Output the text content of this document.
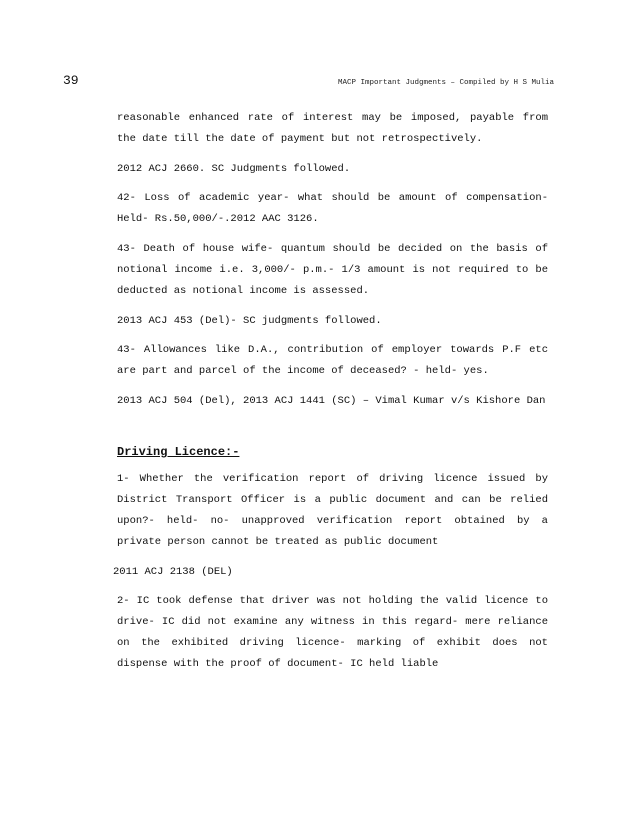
39	MACP Important Judgments – Compiled by H S Mulia

reasonable enhanced rate of interest may be imposed, payable from the date till the date of payment but not retrospectively.

2012 ACJ 2660. SC Judgments followed.

42- Loss of academic year- what should be amount of compensation- Held- Rs.50,000/-.2012 AAC 3126.

43- Death of house wife- quantum should be decided on the basis of notional income i.e. 3,000/- p.m.- 1/3 amount is not required to be deducted as notional income is assessed.

2013 ACJ 453 (Del)- SC judgments followed.

43- Allowances like D.A., contribution of employer towards P.F etc are part and parcel of the income of deceased? - held- yes.

2013 ACJ 504 (Del), 2013 ACJ 1441 (SC) – Vimal Kumar v/s Kishore Dan

Driving Licence:-

1- Whether the verification report of driving licence issued by District Transport Officer is a public document and can be relied upon?- held- no- unapproved verification report obtained by a private person cannot be treated as public document

2011 ACJ 2138 (DEL)

2- IC took defense that driver was not holding the valid licence to drive- IC did not examine any witness in this regard- mere reliance on the exhibited driving licence- marking of exhibit does not dispense with the proof of document- IC held liable
